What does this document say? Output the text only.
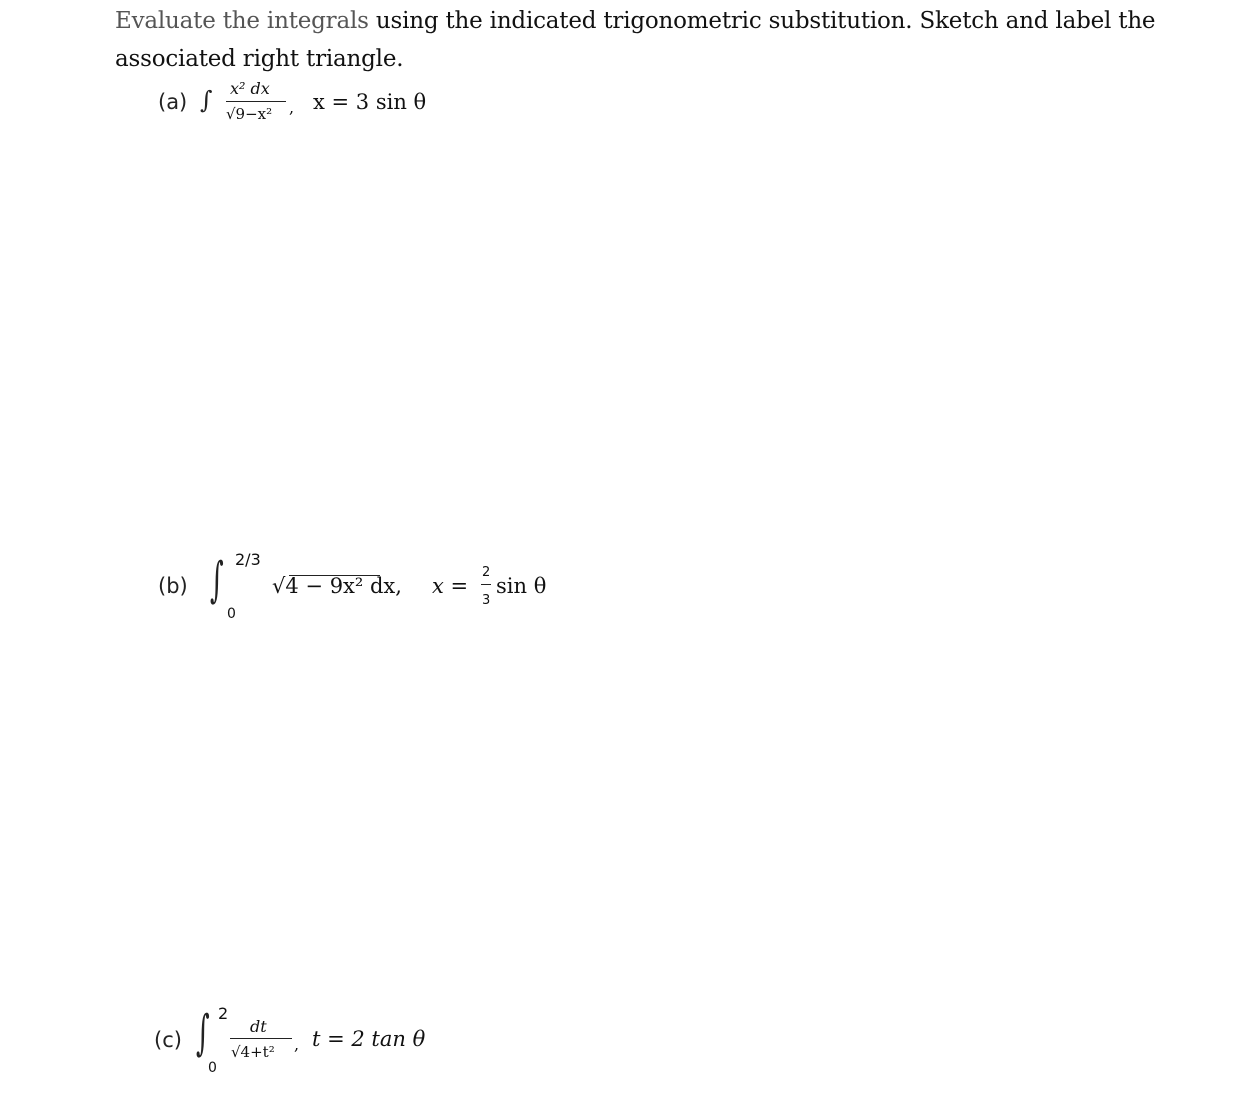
Evaluate the integrals using the indicated trigonometric substitution. Sketch and label the associated right triangle.

(a) ∫ x² dx
√9−x² , x = 3 sin θ
(b) ∫ 2/3
0
√4 − 9x² dx, x =
2
3
sin θ
(c) ∫ 2
0
dt
√4+t² , t = 2 tan θ
